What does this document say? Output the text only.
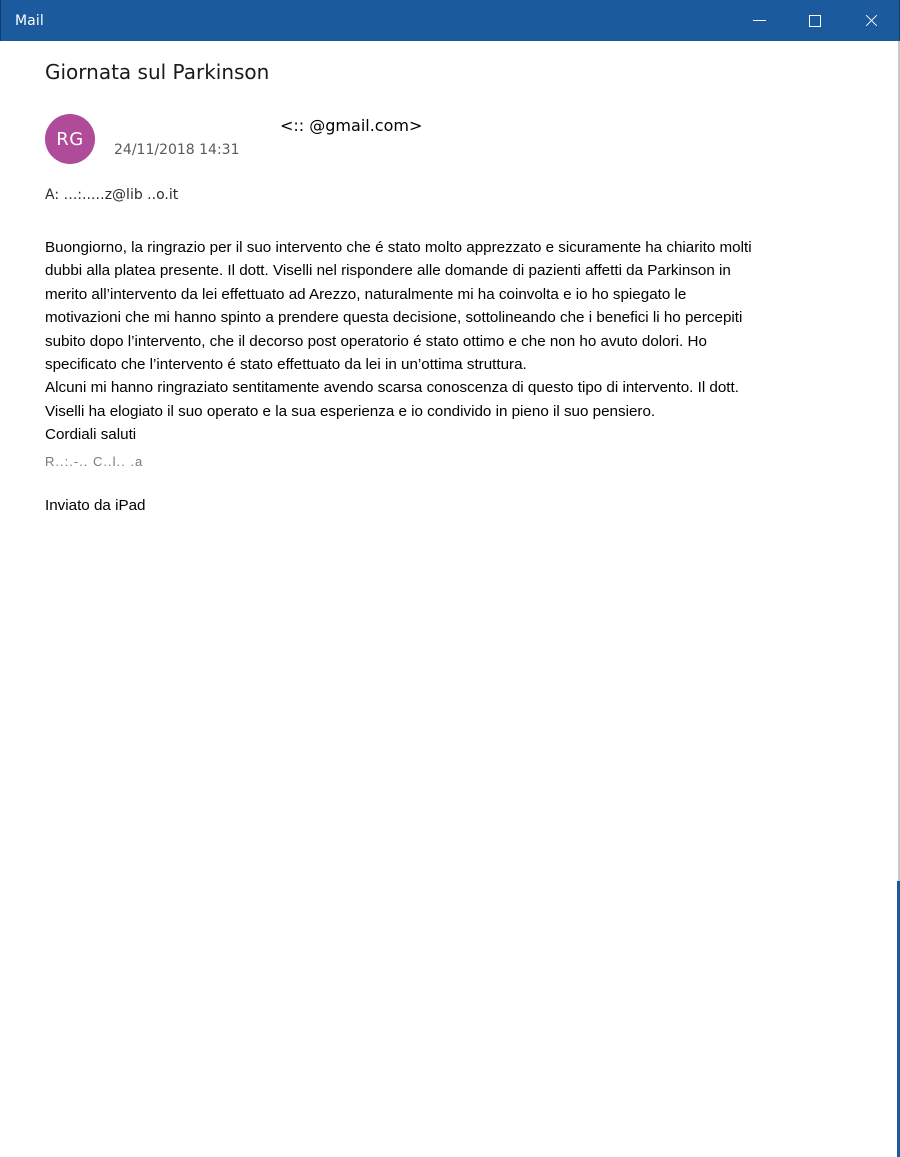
Mail
Giornata sul Parkinson
RG
<:: @gmail.com>
24/11/2018 14:31
A: ‥.:...‥z@lib ..o.it
Buongiorno, la ringrazio per il suo intervento che é stato molto apprezzato e sicuramente ha chiarito molti
dubbi alla platea presente. Il dott. Viselli nel rispondere alle domande di pazienti affetti da Parkinson in
merito all’intervento da lei effettuato ad Arezzo, naturalmente mi ha coinvolta e io ho spiegato le
motivazioni che mi hanno spinto a prendere questa decisione, sottolineando che i benefici li ho percepiti
subito dopo l’intervento, che il decorso post operatorio é stato ottimo e che non ho avuto dolori. Ho
specificato che l’intervento é stato effettuato da lei in un’ottima struttura.
Alcuni mi hanno ringraziato sentitamente avendo scarsa conoscenza di questo tipo di intervento. Il dott.
Viselli ha elogiato il suo operato e la sua esperienza e io condivido in pieno il suo pensiero.
Cordiali saluti
R..:.-.. C..l.. .a
Inviato da iPad
